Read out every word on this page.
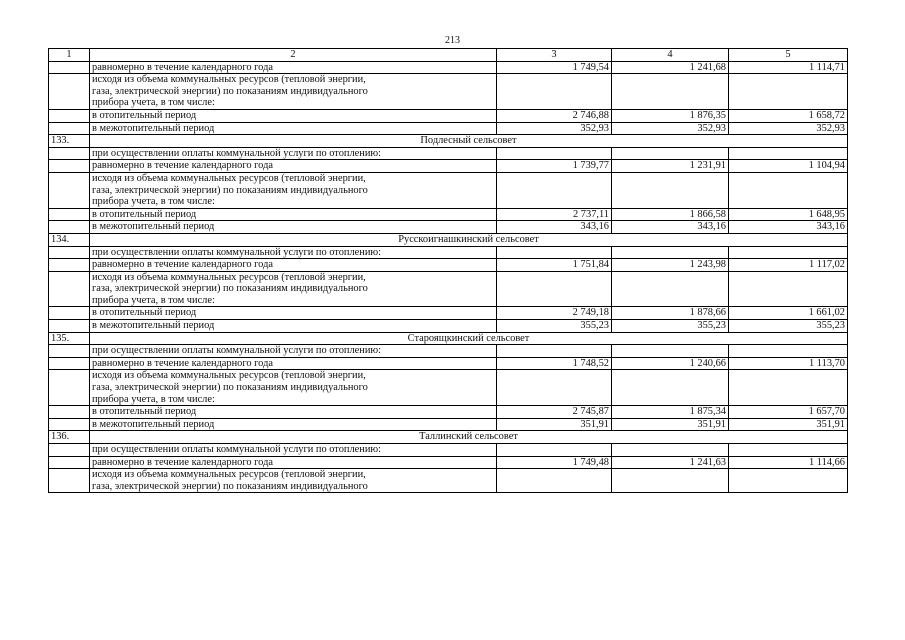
213
1	2	3	4	5
	равномерно в течение календарного года	1 749,54	1 241,68	1 114,71

	исходя из объема коммунальных ресурсов (тепловой энергии,
газа, электрической энергии) по показаниям индивидуального
прибора учета, в том числе:			

	в отопительный период	2 746,88	1 876,35	1 658,72
	в межотопительный период	352,93	352,93	352,93
133.	Подлесный сельсовет			
	при осуществлении оплаты коммунальной услуги по отоплению:			
	равномерно в течение календарного года	1 739,77	1 231,91	1 104,94

	исходя из объема коммунальных ресурсов (тепловой энергии,
газа, электрической энергии) по показаниям индивидуального
прибора учета, в том числе:			

	в отопительный период	2 737,11	1 866,58	1 648,95
	в межотопительный период	343,16	343,16	343,16
134.	Русскоигнашкинский сельсовет			
	при осуществлении оплаты коммунальной услуги по отоплению:			
	равномерно в течение календарного года	1 751,84	1 243,98	1 117,02

	исходя из объема коммунальных ресурсов (тепловой энергии,
газа, электрической энергии) по показаниям индивидуального
прибора учета, в том числе:			

	в отопительный период	2 749,18	1 878,66	1 661,02
	в межотопительный период	355,23	355,23	355,23
135.	Староящкинский сельсовет			
	при осуществлении оплаты коммунальной услуги по отоплению:			
	равномерно в течение календарного года	1 748,52	1 240,66	1 113,70

	исходя из объема коммунальных ресурсов (тепловой энергии,
газа, электрической энергии) по показаниям индивидуального
прибора учета, в том числе:			

	в отопительный период	2 745,87	1 875,34	1 657,70
	в межотопительный период	351,91	351,91	351,91
136.	Таллинский сельсовет			
	при осуществлении оплаты коммунальной услуги по отоплению:			
	равномерно в течение календарного года	1 749,48	1 241,63	1 114,66

	исходя из объема коммунальных ресурсов (тепловой энергии,
газа, электрической энергии) по показаниям индивидуального			
